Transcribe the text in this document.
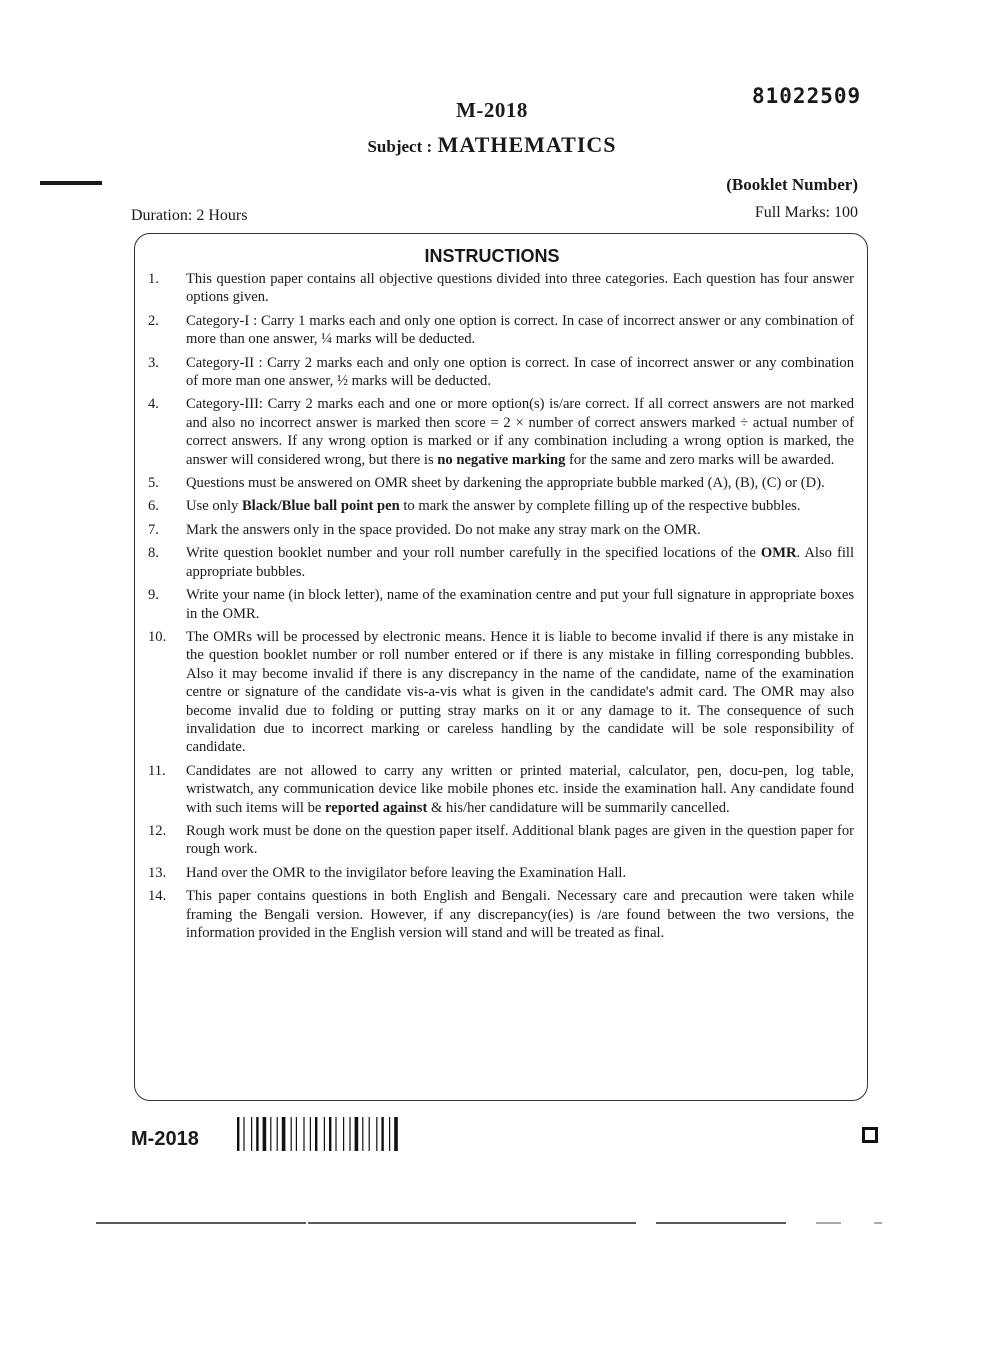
M-2018
81022509
Subject : MATHEMATICS
(Booklet Number)
Duration: 2 Hours	Full Marks: 100
INSTRUCTIONS
1. This question paper contains all objective questions divided into three categories. Each question has four answer options given.
2. Category-I : Carry 1 marks each and only one option is correct. In case of incorrect answer or any combination of more than one answer, ¼ marks will be deducted.
3. Category-II : Carry 2 marks each and only one option is correct. In case of incorrect answer or any combination of more man one answer, ½ marks will be deducted.
4. Category-III: Carry 2 marks each and one or more option(s) is/are correct. If all correct answers are not marked and also no incorrect answer is marked then score = 2 × number of correct answers marked ÷ actual number of correct answers. If any wrong option is marked or if any combination including a wrong option is marked, the answer will considered wrong, but there is no negative marking for the same and zero marks will be awarded.
5. Questions must be answered on OMR sheet by darkening the appropriate bubble marked (A), (B), (C) or (D).
6. Use only Black/Blue ball point pen to mark the answer by complete filling up of the respective bubbles.
7. Mark the answers only in the space provided. Do not make any stray mark on the OMR.
8. Write question booklet number and your roll number carefully in the specified locations of the OMR. Also fill appropriate bubbles.
9. Write your name (in block letter), name of the examination centre and put your full signature in appropriate boxes in the OMR.
10. The OMRs will be processed by electronic means. Hence it is liable to become invalid if there is any mistake in the question booklet number or roll number entered or if there is any mistake in filling corresponding bubbles. Also it may become invalid if there is any discrepancy in the name of the candidate, name of the examination centre or signature of the candidate vis-a-vis what is given in the candidate's admit card. The OMR may also become invalid due to folding or putting stray marks on it or any damage to it. The consequence of such invalidation due to incorrect marking or careless handling by the candidate will be sole responsibility of candidate.
11. Candidates are not allowed to carry any written or printed material, calculator, pen, docu-pen, log table, wristwatch, any communication device like mobile phones etc. inside the examination hall. Any candidate found with such items will be reported against & his/her candidature will be summarily cancelled.
12. Rough work must be done on the question paper itself. Additional blank pages are given in the question paper for rough work.
13. Hand over the OMR to the invigilator before leaving the Examination Hall.
14. This paper contains questions in both English and Bengali. Necessary care and precaution were taken while framing the Bengali version. However, if any discrepancy(ies) is /are found between the two versions, the information provided in the English version will stand and will be treated as final.
M-2018
